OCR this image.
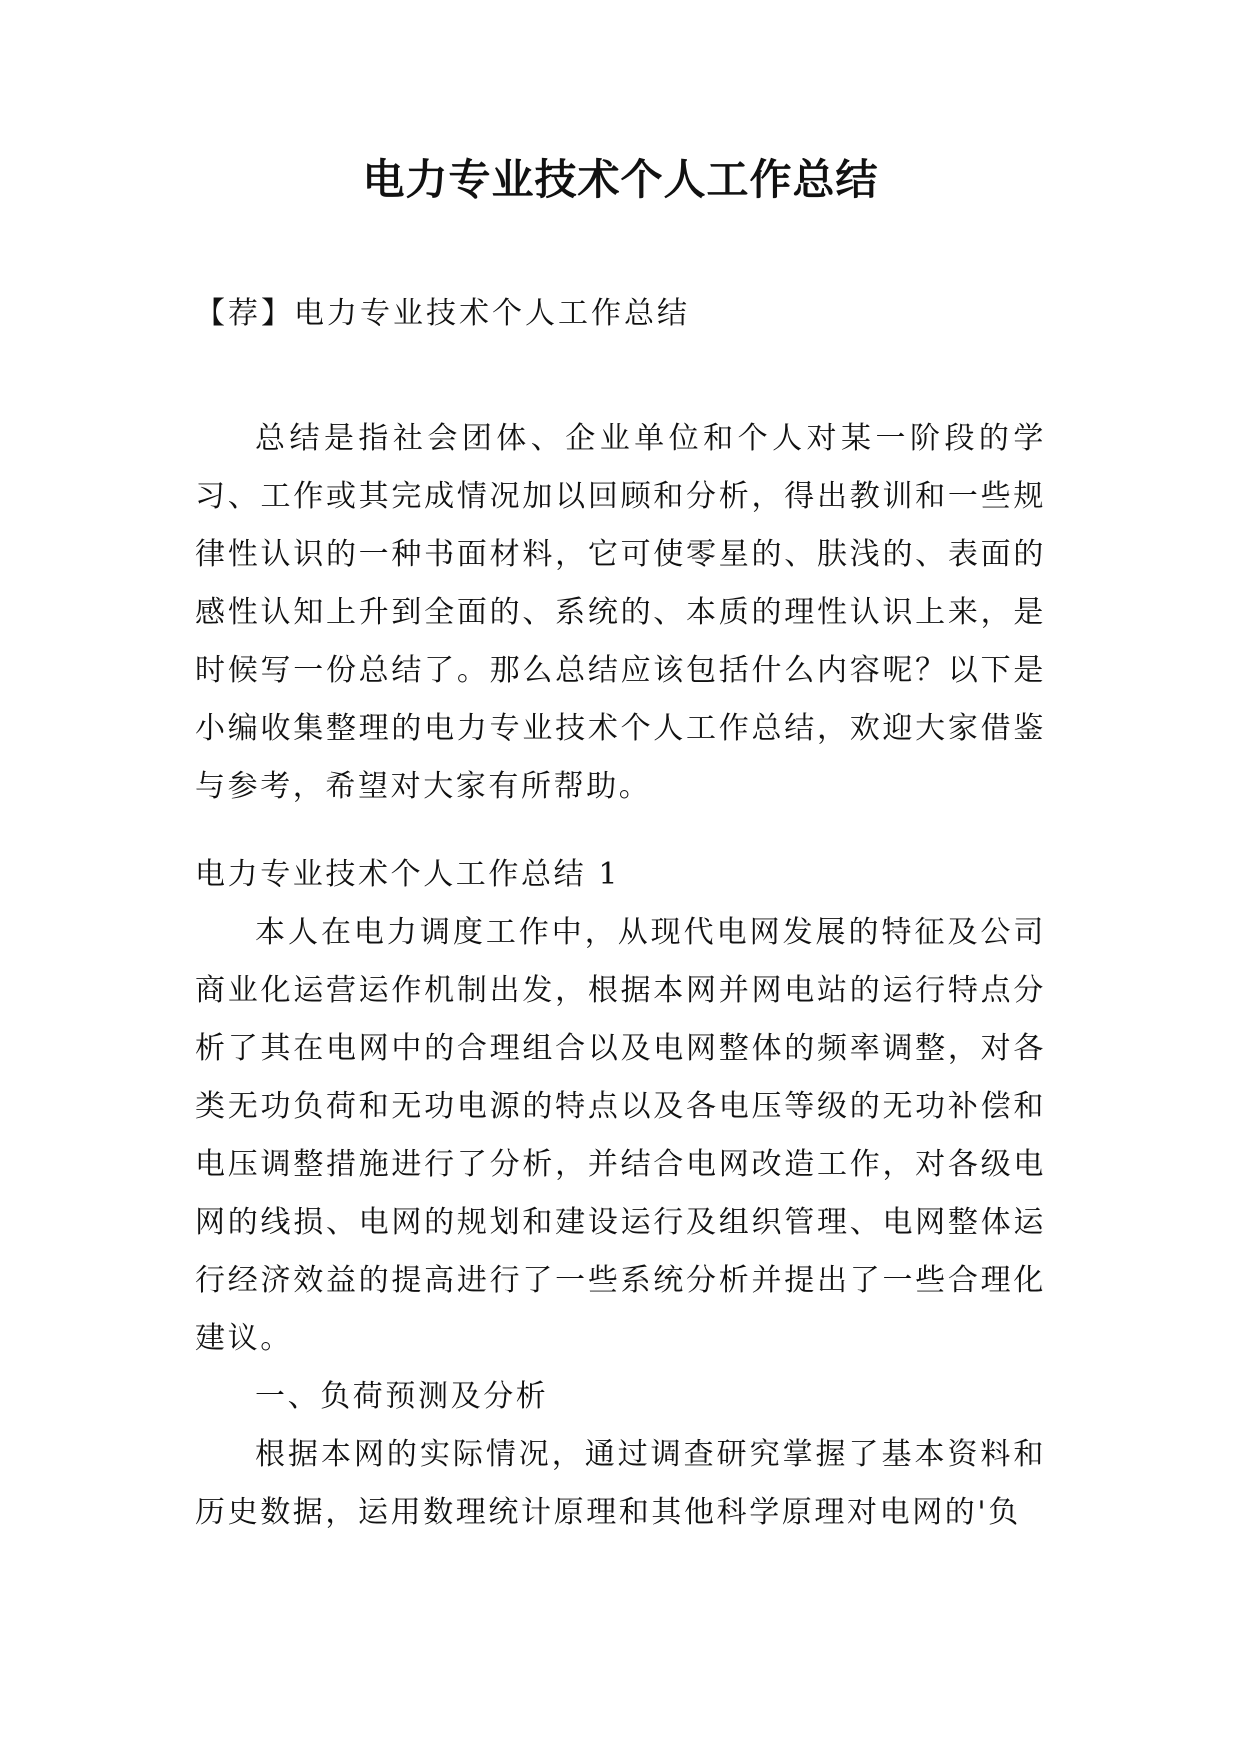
电力专业技术个人工作总结
【荐】电力专业技术个人工作总结

总结是指社会团体、企业单位和个人对某一阶段的学习、工作或其完成情况加以回顾和分析，得出教训和一些规律性认识的一种书面材料，它可使零星的、肤浅的、表面的感性认知上升到全面的、系统的、本质的理性认识上来，是时候写一份总结了。那么总结应该包括什么内容呢？以下是小编收集整理的电力专业技术个人工作总结，欢迎大家借鉴与参考，希望对大家有所帮助。

电力专业技术个人工作总结 1

本人在电力调度工作中，从现代电网发展的特征及公司商业化运营运作机制出发，根据本网并网电站的运行特点分析了其在电网中的合理组合以及电网整体的频率调整，对各类无功负荷和无功电源的特点以及各电压等级的无功补偿和电压调整措施进行了分析，并结合电网改造工作，对各级电网的线损、电网的规划和建设运行及组织管理、电网整体运行经济效益的提高进行了一些系统分析并提出了一些合理化建议。

一、负荷预测及分析

根据本网的实际情况，通过调查研究掌握了基本资料和历史数据，运用数理统计原理和其他科学原理对电网的'负
